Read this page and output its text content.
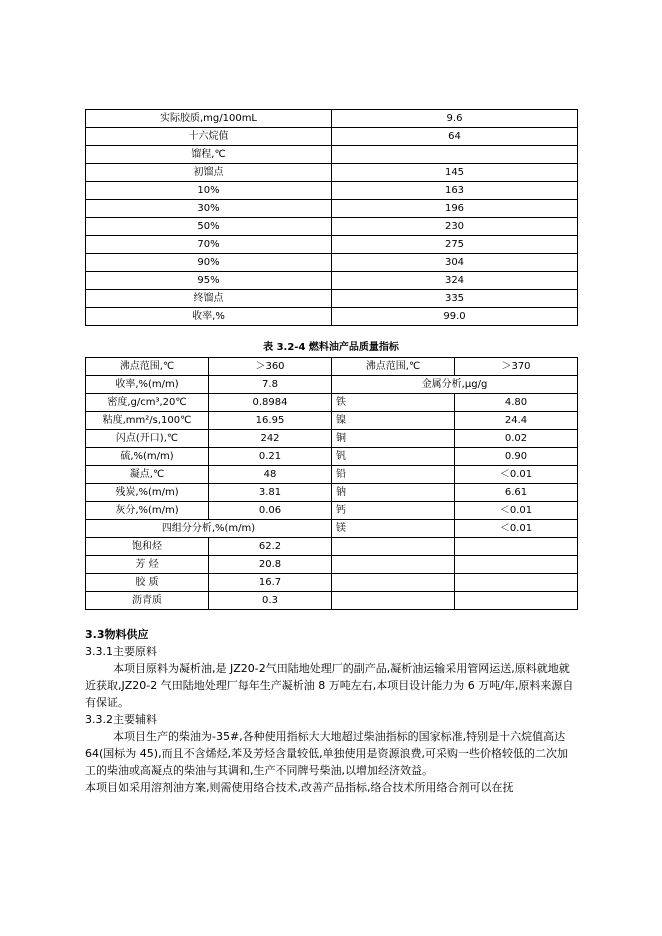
实际胶质,mg/100mL	9.6
十六烷值	64
馏程,℃	
初馏点	145
10%	163
30%	196
50%	230
70%	275
90%	304
95%	324
终馏点	335
收率,%	99.0
表 3.2-4 燃料油产品质量指标
沸点范围,℃	＞360	沸点范围,℃	＞370
收率,%(m/m)	7.8	金属分析,μg/g	
密度,g/cm³,20℃	0.8984	铁	4.80
粘度,mm²/s,100℃	16.95	镍	24.4
闪点(开口),℃	242	铜	0.02
硫,%(m/m)	0.21	钒	0.90
凝点,℃	48	铅	＜0.01
残炭,%(m/m)	3.81	钠	6.61
灰分,%(m/m)	0.06	钙	＜0.01
四组分分析,%(m/m)		镁	＜0.01
饱和烃	62.2		
芳 烃	20.8		
胶 质	16.7		
沥青质	0.3		
3.3物料供应
3.3.1主要原料
本项目原料为凝析油,是 JZ20-2气田陆地处理厂的副产品,凝析油运输采用管网运送,原料就地就近获取,JZ20-2 气田陆地处理厂每年生产凝析油 8 万吨左右,本项目设计能力为 6 万吨/年,原料来源自有保证。
3.3.2主要辅料
本项目生产的柴油为-35#,各种使用指标大大地超过柴油指标的国家标准,特别是十六烷值高达 64(国标为 45),而且不含烯烃,苯及芳烃含量较低,单独使用是资源浪费,可采购一些价格较低的二次加工的柴油或高凝点的柴油与其调和,生产不同牌号柴油,以增加经济效益。
本项目如采用溶剂油方案,则需使用络合技术,改善产品指标,络合技术所用络合剂可以在抚
